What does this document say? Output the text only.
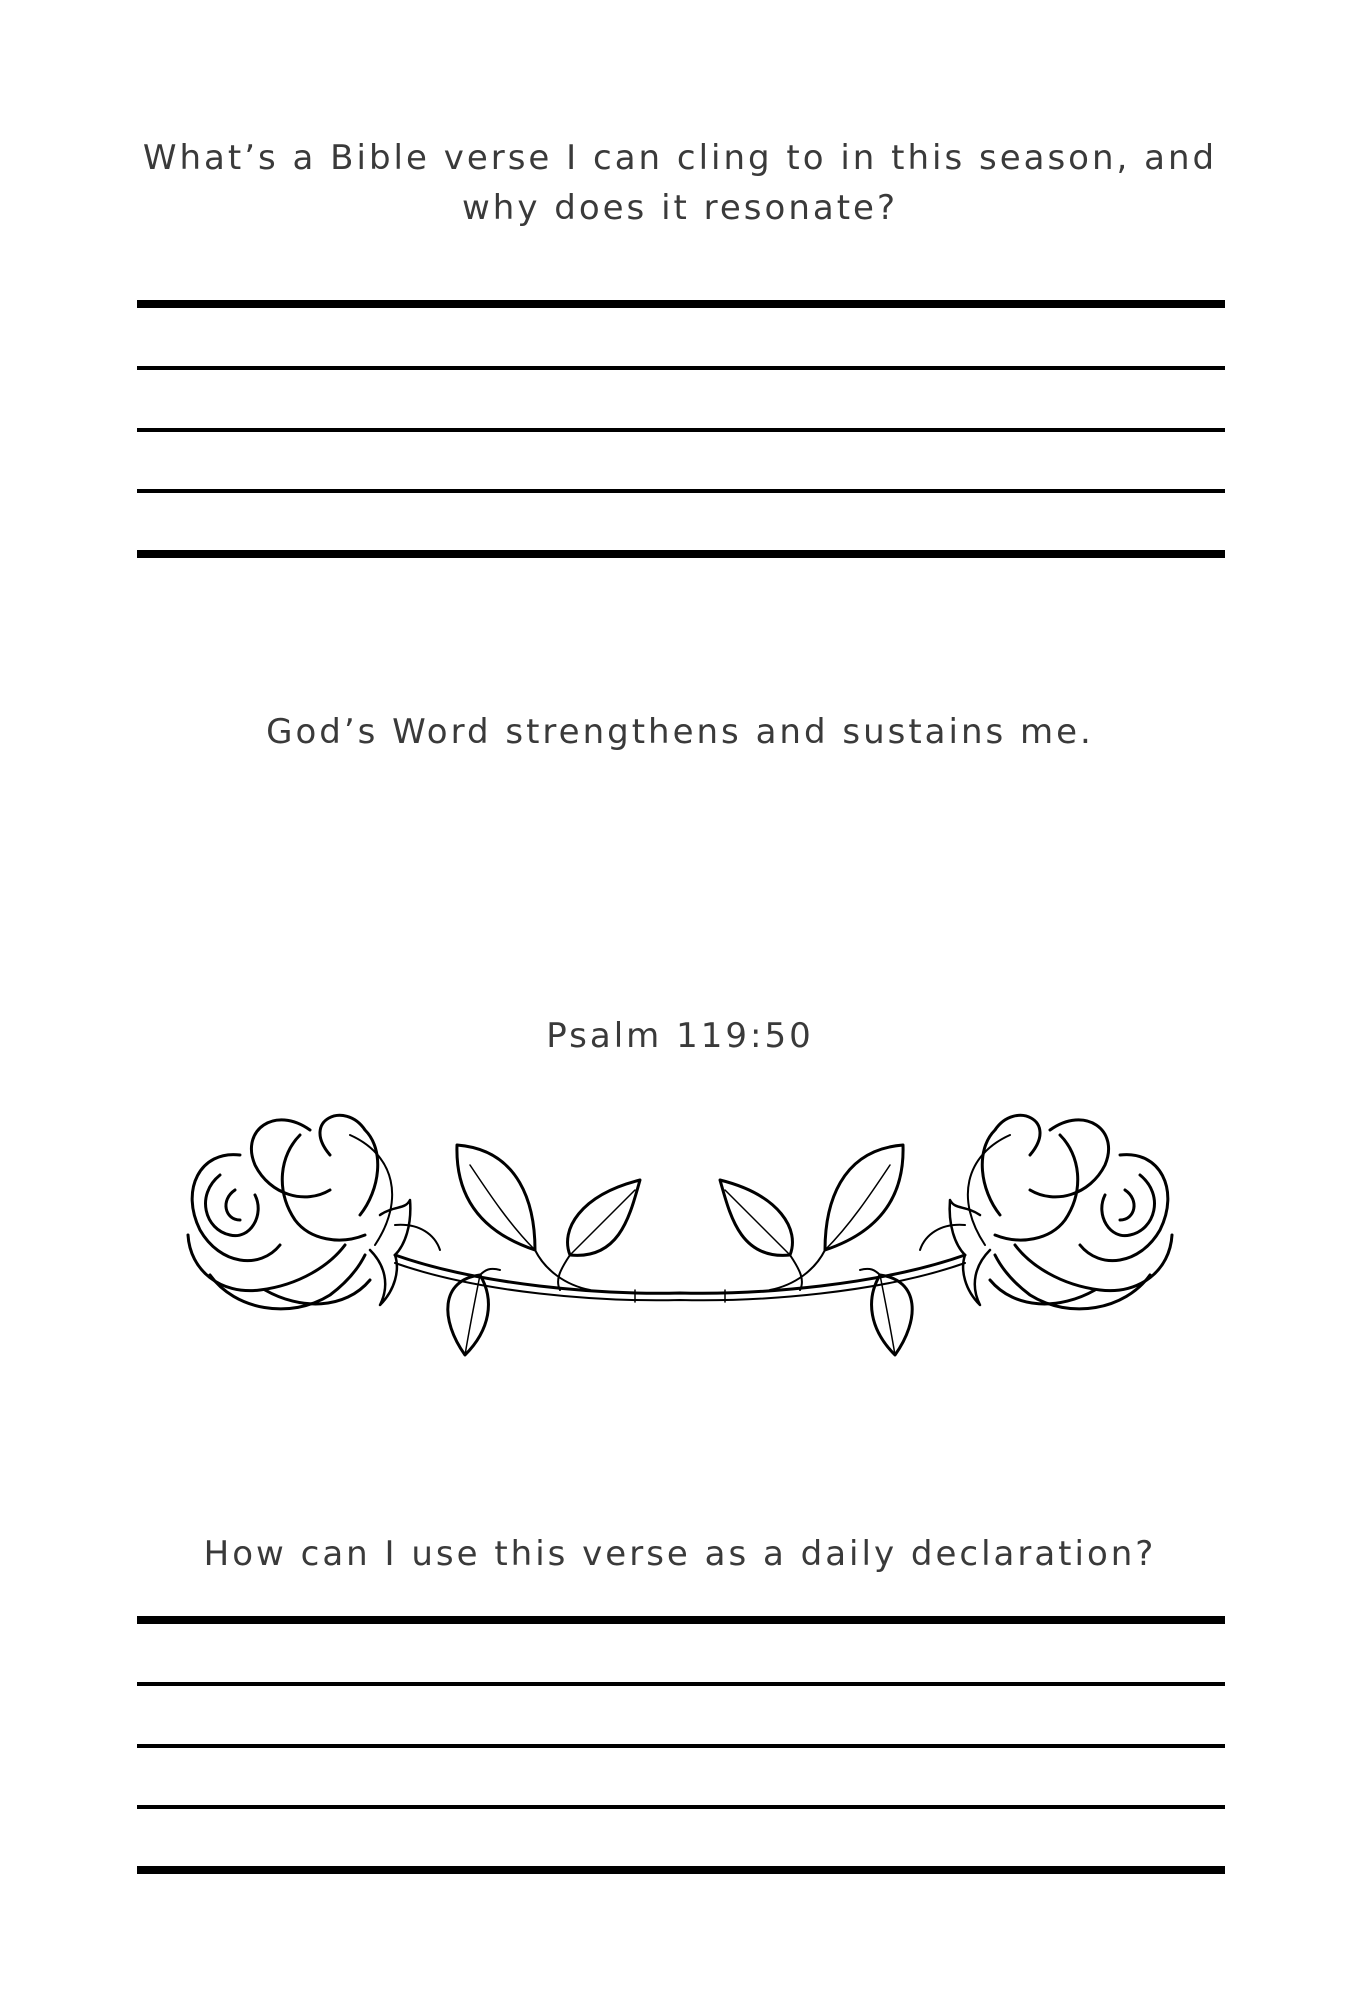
What’s a Bible verse I can cling to in this season, and why does it resonate?

God’s Word strengthens and sustains me.

Psalm 119:50

How can I use this verse as a daily declaration?
